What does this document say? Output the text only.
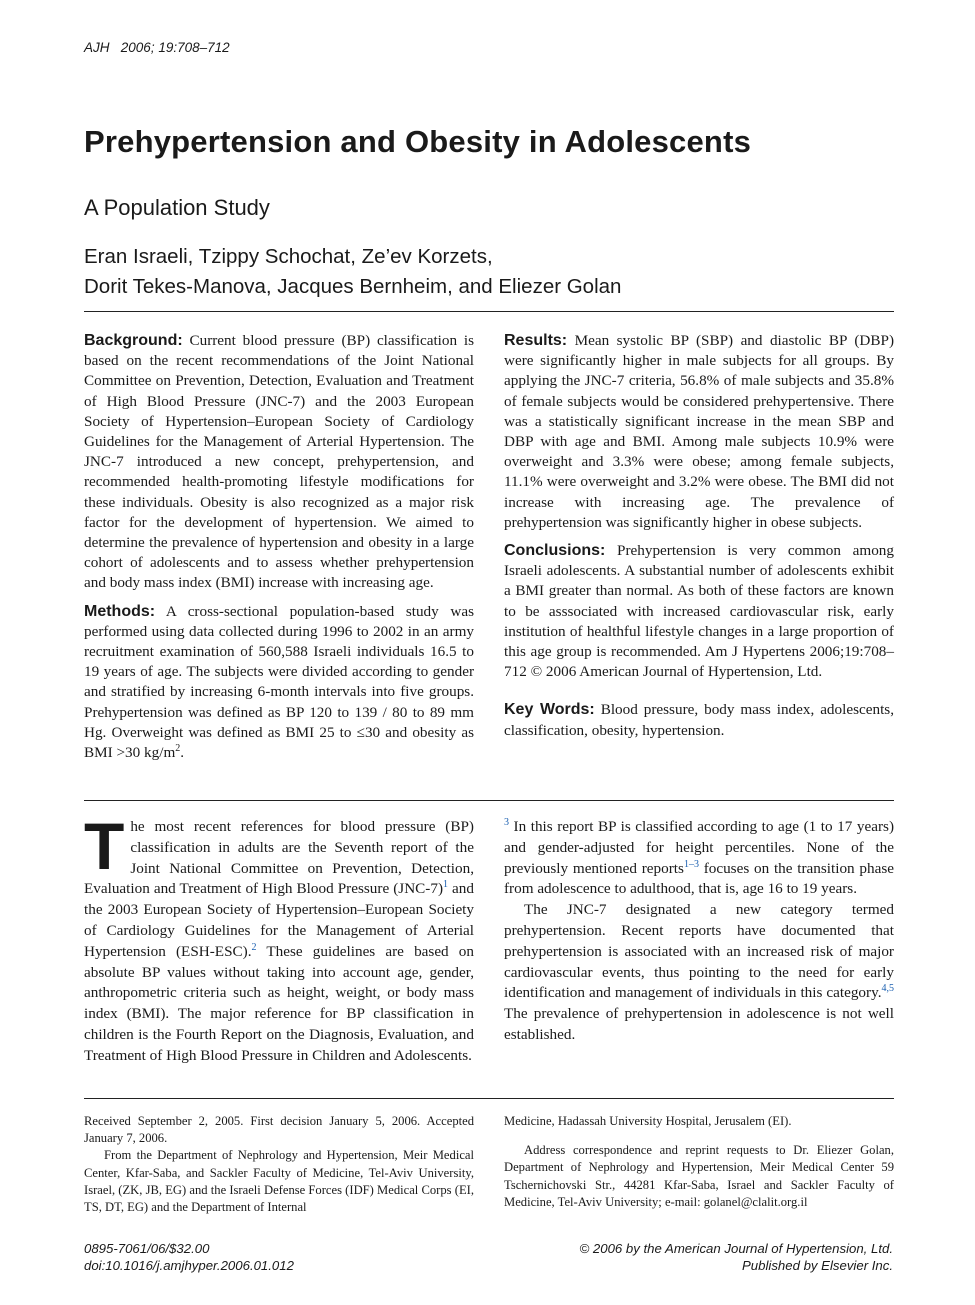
AJH 2006; 19:708–712
Prehypertension and Obesity in Adolescents
A Population Study
Eran Israeli, Tzippy Schochat, Ze’ev Korzets,
Dorit Tekes-Manova, Jacques Bernheim, and Eliezer Golan

Background: Current blood pressure (BP) classification is based on the recent recommendations of the Joint National Committee on Prevention, Detection, Evaluation and Treatment of High Blood Pressure (JNC-7) and the 2003 European Society of Hypertension–European Society of Cardiology Guidelines for the Management of Arterial Hypertension. The JNC-7 introduced a new concept, prehypertension, and recommended health-promoting lifestyle modifications for these individuals. Obesity is also recognized as a major risk factor for the development of hypertension. We aimed to determine the prevalence of hypertension and obesity in a large cohort of adolescents and to assess whether prehypertension and body mass index (BMI) increase with increasing age.

Methods: A cross-sectional population-based study was performed using data collected during 1996 to 2002 in an army recruitment examination of 560,588 Israeli individuals 16.5 to 19 years of age. The subjects were divided according to gender and stratified by increasing 6-month intervals into five groups. Prehypertension was defined as BP 120 to 139 / 80 to 89 mm Hg. Overweight was defined as BMI 25 to ≤30 and obesity as BMI >30 $kg/m^2$.

Results: Mean systolic BP (SBP) and diastolic BP (DBP) were significantly higher in male subjects for all groups. By applying the JNC-7 criteria, 56.8% of male subjects and 35.8% of female subjects would be considered prehypertensive. There was a statistically significant increase in the mean SBP and DBP with age and BMI. Among male subjects 10.9% were overweight and 3.3% were obese; among female subjects, 11.1% were overweight and 3.2% were obese. The BMI did not increase with increasing age. The prevalence of prehypertension was significantly higher in obese subjects.

Conclusions: Prehypertension is very common among Israeli adolescents. A substantial number of adolescents exhibit a BMI greater than normal. As both of these factors are known to be asssociated with increased cardiovascular risk, early institution of healthful lifestyle changes in a large proportion of this age group is recommended. Am J Hypertens 2006;19:708–712 © 2006 American Journal of Hypertension, Ltd.

Key Words: Blood pressure, body mass index, adolescents, classification, obesity, hypertension.

The most recent references for blood pressure (BP) classification in adults are the Seventh report of the Joint National Committee on Prevention, Detection, Evaluation and Treatment of High Blood Pressure $(JNC-7)^1$ and the 2003 European Society of Hypertension–European Society of Cardiology Guidelines for the Management of Arterial Hypertension (ESH-ESC).$^2$ These guidelines are based on absolute BP values without taking into account age, gender, anthropometric criteria such as height, weight, or body mass index (BMI). The major reference for BP classification in children is the Fourth Report on the Diagnosis, Evaluation, and Treatment of High Blood Pressure in Children and Adolescents.

$^3$ In this report BP is classified according to age (1 to 17 years) and gender-adjusted for height percentiles. None of the previously mentioned reports$^{1-3}$ focuses on the transition phase from adolescence to adulthood, that is, age 16 to 19 years.

The JNC-7 designated a new category termed prehypertension. Recent reports have documented that prehypertension is associated with an increased risk of major cardiovascular events, thus pointing to the need for early identification and management of individuals in this category.$^{4,5}$ The prevalence of prehypertension in adolescence is not well established.

Received September 2, 2005. First decision January 5, 2006. Accepted January 7, 2006.

From the Department of Nephrology and Hypertension, Meir Medical Center, Kfar-Saba, and Sackler Faculty of Medicine, Tel-Aviv University, Israel, (ZK, JB, EG) and the Israeli Defense Forces (IDF) Medical Corps (EI, TS, DT, EG) and the Department of Internal

Medicine, Hadassah University Hospital, Jerusalem (EI).

Address correspondence and reprint requests to Dr. Eliezer Golan, Department of Nephrology and Hypertension, Meir Medical Center 59 Tschernichovski Str., 44281 Kfar-Saba, Israel and Sackler Faculty of Medicine, Tel-Aviv University; e-mail: golanel@clalit.org.il

0895-7061/06/$32.00
doi:10.1016/j.amjhyper.2006.01.012
© 2006 by the American Journal of Hypertension, Ltd.
Published by Elsevier Inc.
